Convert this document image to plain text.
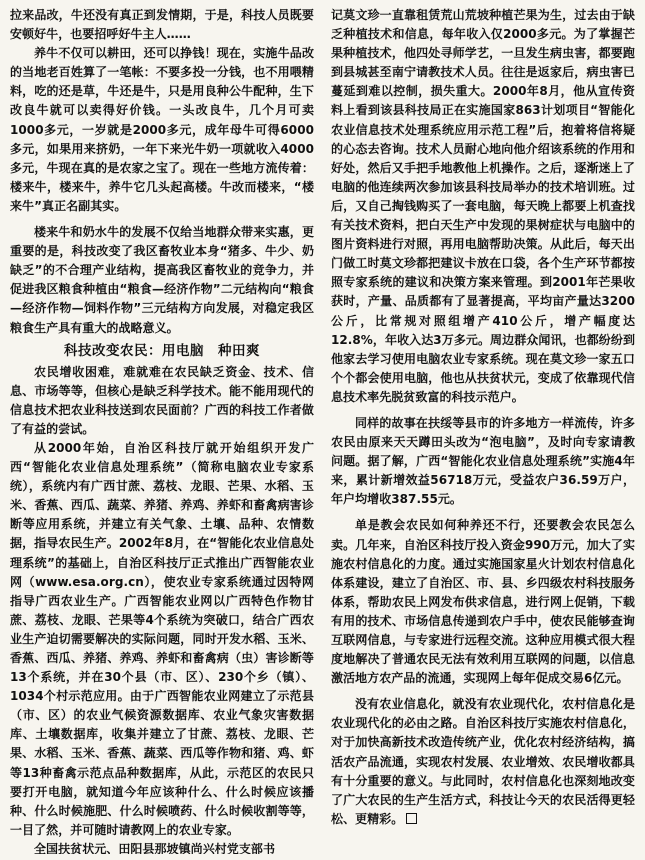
拉来品改，牛还没有真正到发情期，于是，科技人员既要安顿好牛，也要招呼好牛主人……

养牛不仅可以耕田，还可以挣钱！现在，实施牛品改的当地老百姓算了一笔帐：不要多投一分钱，也不用喂精料，吃的还是草，牛还是牛，只是用良种公牛配种，生下改良牛就可以卖得好价钱。一头改良牛，几个月可卖1000多元，一岁就是2000多元，成年母牛可得6000多元，如果用来挤奶，一年下来光牛奶一项就收入4000多元，牛现在真的是农家之宝了。现在一些地方流传着：楼来牛，楼来牛，养牛它几头起高楼。牛改而楼来，“楼来牛”真正名副其实。

楼来牛和奶水牛的发展不仅给当地群众带来实惠，更重要的是，科技改变了我区畜牧业本身“猪多、牛少、奶缺乏”的不合理产业结构，提高我区畜牧业的竞争力，并促进我区粮食种植由“粮食—经济作物”二元结构向“粮食—经济作物—饲料作物”三元结构方向发展，对稳定我区粮食生产具有重大的战略意义。

科技改变农民：用电脑　种田爽

农民增收困难，难就难在农民缺乏资金、技术、信息、市场等等，但核心是缺乏科学技术。能不能用现代的信息技术把农业科技送到农民面前？广西的科技工作者做了有益的尝试。

从2000年始，自治区科技厅就开始组织开发广西“智能化农业信息处理系统”（简称电脑农业专家系统），系统内有广西甘蔗、荔枝、龙眼、芒果、水稻、玉米、香蕉、西瓜、蔬菜、养猪、养鸡、养虾和畜禽病害诊断等应用系统，并建立有关气象、土壤、品种、农情数据，指导农民生产。2002年8月，在“智能化农业信息处理系统”的基础上，自治区科技厅正式推出广西智能农业网（www.esa.org.cn），使农业专家系统通过因特网指导广西农业生产。广西智能农业网以广西特色作物甘蔗、荔枝、龙眼、芒果等4个系统为突破口，结合广西农业生产迫切需要解决的实际问题，同时开发水稻、玉米、香蕉、西瓜、养猪、养鸡、养虾和畜禽病（虫）害诊断等13个系统，并在30个县（市、区）、230个乡（镇）、1034个村示范应用。由于广西智能农业网建立了示范县（市、区）的农业气候资源数据库、农业气象灾害数据库、土壤数据库，收集并建立了甘蔗、荔枝、龙眼、芒果、水稻、玉米、香蕉、蔬菜、西瓜等作物和猪、鸡、虾等13种畜禽示范点品种数据库，从此，示范区的农民只要打开电脑，就知道今年应该种什么、什么时候应该播种、什么时候施肥、什么时候喷药、什么时候收割等等，一目了然，并可随时请教网上的农业专家。

全国扶贫状元、田阳县那坡镇尚兴村党支部书

记莫文珍一直靠租赁荒山荒坡种植芒果为生，过去由于缺乏种植技术和信息，每年收入仅2000多元。为了掌握芒果种植技术，他四处寻师学艺，一旦发生病虫害，都要跑到县城甚至南宁请教技术人员。往往是返家后，病虫害已蔓延到难以控制，损失重大。2000年8月，他从宣传资料上看到该县科技局正在实施国家863计划项目“智能化农业信息技术处理系统应用示范工程”后，抱着将信将疑的心态去咨询。技术人员耐心地向他介绍该系统的作用和好处，然后又手把手地教他上机操作。之后，逐渐迷上了电脑的他连续两次参加该县科技局举办的技术培训班。过后，又自己掏钱购买了一套电脑，每天晚上都要上机查找有关技术资料，把白天生产中发现的果树症状与电脑中的图片资料进行对照，再用电脑帮助决策。从此后，每天出门做工时莫文珍都把建议卡放在口袋，各个生产环节都按照专家系统的建议和决策方案来管理。到2001年芒果收获时，产量、品质都有了显著提高，平均亩产量达3200公斤，比常规对照组增产410公斤，增产幅度达12.8%，年收入达3万多元。周边群众闻讯，也都纷纷到他家去学习使用电脑农业专家系统。现在莫文珍一家五口个个都会使用电脑，他也从扶贫状元，变成了依靠现代信息技术率先脱贫致富的科技示范户。

同样的故事在扶绥等县市的许多地方一样流传，许多农民由原来天天蹲田头改为“泡电脑”，及时向专家请教问题。据了解，广西“智能化农业信息处理系统”实施4年来，累计新增效益56718万元，受益农户36.59万户，年户均增收387.55元。

单是教会农民如何种养还不行，还要教会农民怎么卖。几年来，自治区科技厅投入资金990万元，加大了实施农村信息化的力度。通过实施国家星火计划农村信息化体系建设，建立了自治区、市、县、乡四级农村科技服务体系，帮助农民上网发布供求信息，进行网上促销，下载有用的技术、市场信息传递到农户手中，使农民能够查询互联网信息，与专家进行远程交流。这种应用模式很大程度地解决了普通农民无法有效利用互联网的问题，以信息激活地方农产品的流通，实现网上每年促成交易6亿元。

没有农业信息化，就没有农业现代化，农村信息化是农业现代化的必由之路。自治区科技厅实施农村信息化，对于加快高新技术改造传统产业，优化农村经济结构，搞活农产品流通，实现农村发展、农业增效、农民增收都具有十分重要的意义。与此同时，农村信息化也深刻地改变了广大农民的生产生活方式，科技让今天的农民活得更轻松、更精彩。
